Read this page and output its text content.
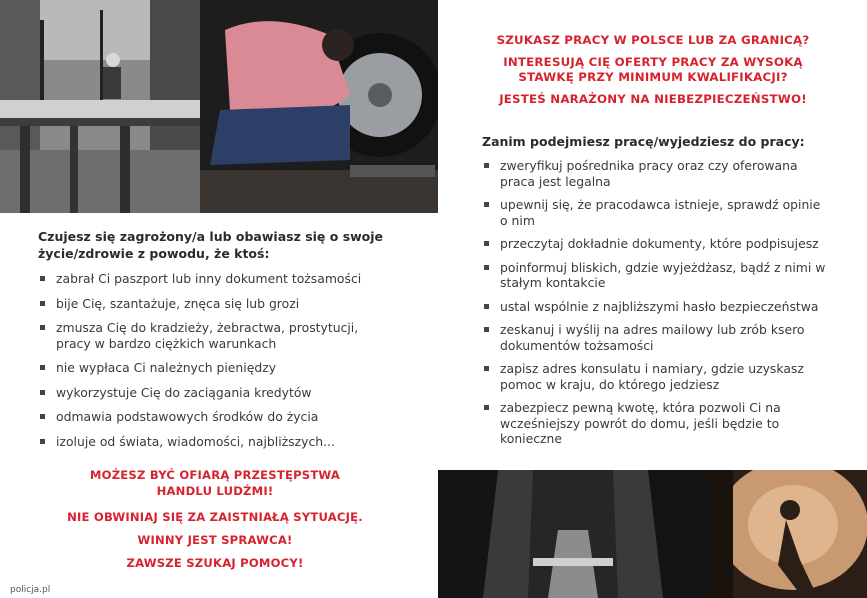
Czujesz się zagrożony/a lub obawiasz się o swoje życie/zdrowie z powodu, że ktoś:

zabrał Ci paszport lub inny dokument tożsamości
bije Cię, szantażuje, znęca się lub grozi
zmusza Cię do kradzieży, żebractwa, prostytucji, pracy w bardzo ciężkich warunkach
nie wypłaca Ci należnych pieniędzy
wykorzystuje Cię do zaciągania kredytów
odmawia podstawowych środków do życia
izoluje od świata, wiadomości, najbliższych...

MOŻESZ BYĆ OFIARĄ PRZESTĘPSTWA HANDLU LUDŹMI!

NIE OBWINIAJ SIĘ ZA ZAISTNIAŁĄ SYTUACJĘ.

WINNY JEST SPRAWCA!

ZAWSZE SZUKAJ POMOCY!

SZUKASZ PRACY W POLSCE LUB ZA GRANICĄ?

INTERESUJĄ CIĘ OFERTY PRACY ZA WYSOKĄ STAWKĘ PRZY MINIMUM KWALIFIKACJI?

JESTEŚ NARAŻONY NA NIEBEZPIECZEŃSTWO!

Zanim podejmiesz pracę/wyjedziesz do pracy:

zweryfikuj pośrednika pracy oraz czy oferowana praca jest legalna
upewnij się, że pracodawca istnieje, sprawdź opinie o nim
przeczytaj dokładnie dokumenty, które podpisujesz
poinformuj bliskich, gdzie wyjeżdżasz, bądź z nimi w stałym kontakcie
ustal wspólnie z najbliższymi hasło bezpieczeństwa
zeskanuj i wyślij na adres mailowy lub zrób ksero dokumentów tożsamości
zapisz adres konsulatu i namiary, gdzie uzyskasz pomoc w kraju, do którego jedziesz
zabezpiecz pewną kwotę, która pozwoli Ci na wcześniejszy powrót do domu, jeśli będzie to konieczne
policja.pl
